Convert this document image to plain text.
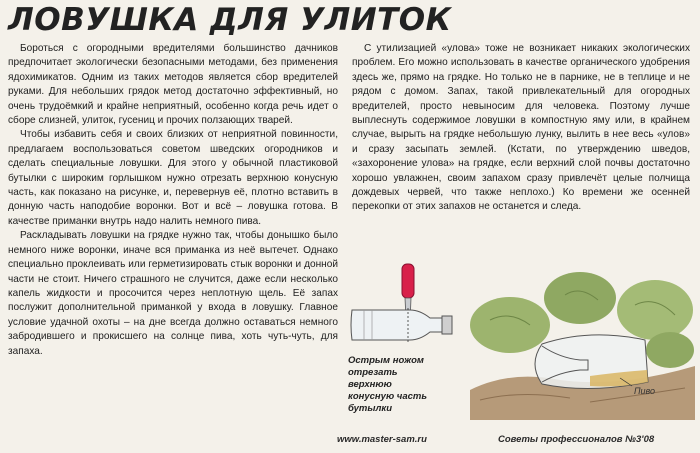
ЛОВУШКА ДЛЯ УЛИТОК

Бороться с огородными вредителями большинство дачников предпочитает экологически безопасными методами, без применения ядохимикатов. Одним из таких методов является сбор вредителей руками. Для небольших грядок метод достаточно эффективный, но очень трудоёмкий и крайне неприятный, особенно когда речь идет о сборе слизней, улиток, гусениц и прочих ползающих тварей.

Чтобы избавить себя и своих близких от неприятной повинности, предлагаем воспользоваться советом шведских огородников и сделать специальные ловушки. Для этого у обычной пластиковой бутылки с широким горлышком нужно отрезать верхнюю конусную часть, как показано на рисунке, и, перевернув её, плотно вставить в донную часть наподобие воронки. Вот и всё – ловушка готова. В качестве приманки внутрь надо налить немного пива.

Раскладывать ловушки на грядке нужно так, чтобы донышко было немного ниже воронки, иначе вся приманка из неё вытечет. Однако специально проклеивать или герметизировать стык воронки и донной части не стоит. Ничего страшного не случится, даже если несколько капель жидкости и просочится через неплотную щель. Её запах послужит дополнительной приманкой у входа в ловушку. Главное условие удачной охоты – на дне всегда должно оставаться немного забродившего и прокисшего на солнце пива, хоть чуть-чуть, для запаха.

С утилизацией «улова» тоже не возникает никаких экологических проблем. Его можно использовать в качестве органического удобрения здесь же, прямо на грядке. Но только не в парнике, не в теплице и не рядом с домом. Запах, такой привлекательный для огородных вредителей, просто невыносим для человека. Поэтому лучше выплеснуть содержимое ловушки в компостную яму или, в крайнем случае, вырыть на грядке небольшую лунку, вылить в нее весь «улов» и сразу засыпать землей. (Кстати, по утверждению шведов, «захоронение улова» на грядке, если верхний слой почвы достаточно хорошо увлажнен, своим запахом сразу привлечёт целые полчища дождевых червей, что также неплохо.) Ко времени же осенней перекопки от этих запахов не останется и следа.

Острым ножом отрезать верхнюю конусную часть бутылки
Пиво
www.master-sam.ru	Советы профессионалов №3'08
